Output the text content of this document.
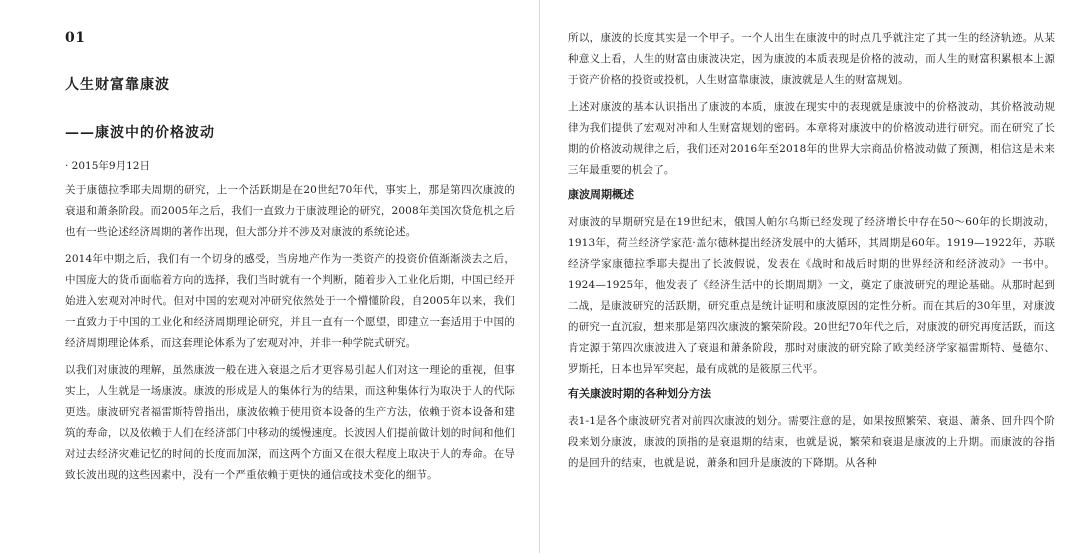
01
人生财富靠康波
——康波中的价格波动
· 2015年9月12日

关于康德拉季耶夫周期的研究，上一个活跃期是在20世纪70年代，事实上，那是第四次康波的衰退和萧条阶段。而2005年之后，我们一直致力于康波理论的研究，2008年美国次贷危机之后也有一些论述经济周期的著作出现，但大部分并不涉及对康波的系统论述。

2014年中期之后，我们有一个切身的感受，当房地产作为一类资产的投资价值渐渐淡去之后，中国庞大的货币面临着方向的选择，我们当时就有一个判断，随着步入工业化后期，中国已经开始进入宏观对冲时代。但对中国的宏观对冲研究依然处于一个懵懂阶段，自2005年以来，我们一直致力于中国的工业化和经济周期理论研究，并且一直有一个愿望，即建立一套适用于中国的经济周期理论体系，而这套理论体系为了宏观对冲，并非一种学院式研究。

以我们对康波的理解，虽然康波一般在进入衰退之后才更容易引起人们对这一理论的重视，但事实上，人生就是一场康波。康波的形成是人的集体行为的结果，而这种集体行为取决于人的代际更迭。康波研究者福雷斯特曾指出，康波依赖于使用资本设备的生产方法，依赖于资本设备和建筑的寿命，以及依赖于人们在经济部门中移动的缓慢速度。长波因人们提前做计划的时间和他们对过去经济灾难记忆的时间的长度而加深，而这两个方面又在很大程度上取决于人的寿命。在导致长波出现的这些因素中，没有一个严重依赖于更快的通信或技术变化的细节。

所以，康波的长度其实是一个甲子。一个人出生在康波中的时点几乎就注定了其一生的经济轨迹。从某种意义上看，人生的财富由康波决定，因为康波的本质表现是价格的波动，而人生的财富积累根本上源于资产价格的投资或投机，人生财富靠康波，康波就是人生的财富规划。

上述对康波的基本认识指出了康波的本质，康波在现实中的表现就是康波中的价格波动，其价格波动规律为我们提供了宏观对冲和人生财富规划的密码。本章将对康波中的价格波动进行研究。而在研究了长期的价格波动规律之后，我们还对2016年至2018年的世界大宗商品价格波动做了预测，相信这是未来三年最重要的机会了。

康波周期概述

对康波的早期研究是在19世纪末，俄国人帕尔乌斯已经发现了经济增长中存在50～60年的长期波动，1913年，荷兰经济学家范·盖尔德林提出经济发展中的大循环，其周期是60年。1919—1922年，苏联经济学家康德拉季耶夫提出了长波假说，发表在《战时和战后时期的世界经济和经济波动》一书中。1924—1925年，他发表了《经济生活中的长期周期》一文，奠定了康波研究的理论基础。从那时起到二战，是康波研究的活跃期，研究重点是统计证明和康波原因的定性分析。而在其后的30年里，对康波的研究一直沉寂，想来那是第四次康波的繁荣阶段。20世纪70年代之后，对康波的研究再度活跃，而这肯定源于第四次康波进入了衰退和萧条阶段，那时对康波的研究除了欧美经济学家福雷斯特、曼德尔、罗斯托，日本也异军突起，最有成就的是筱原三代平。

有关康波时期的各种划分方法

表1-1是各个康波研究者对前四次康波的划分。需要注意的是，如果按照繁荣、衰退、萧条、回升四个阶段来划分康波，康波的顶指的是衰退期的结束，也就是说，繁荣和衰退是康波的上升期。而康波的谷指的是回升的结束，也就是说，萧条和回升是康波的下降期。从各种
